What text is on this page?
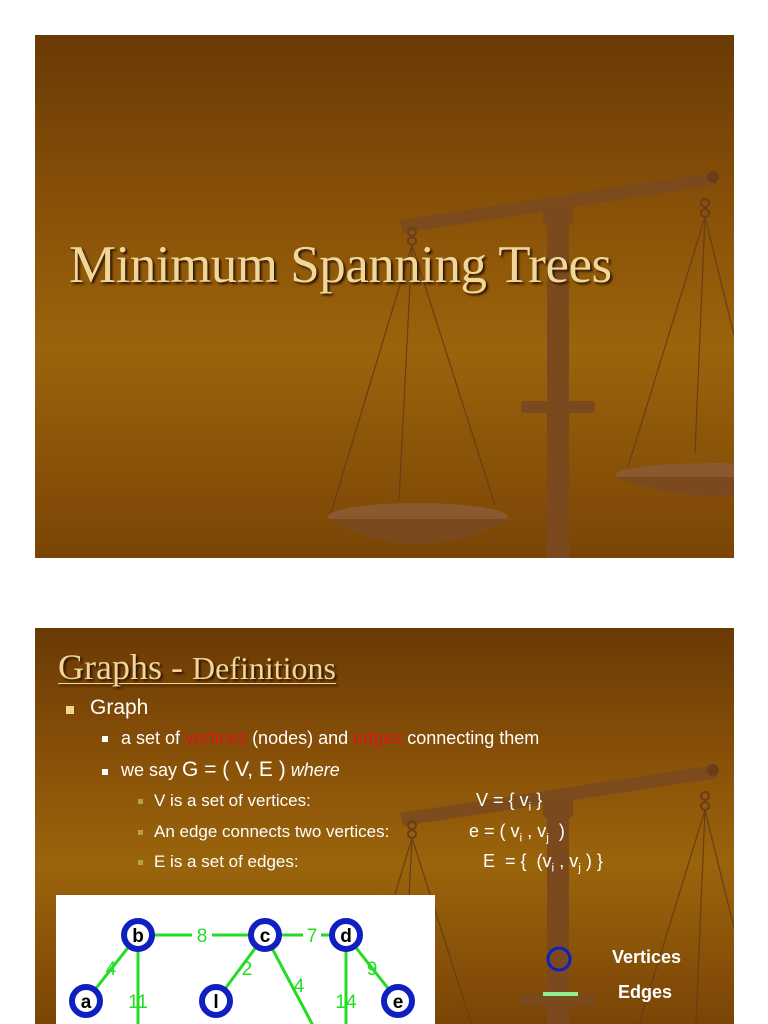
Minimum Spanning Trees
Graphs - Definitions
Graph
a set of vertices (nodes) and edges connecting them
we say G = ( V, E ) where
V is a set of vertices:	V = { $v_i$ }
An edge connects two vertices:	e = ( $v_i$ , $v_j$  )
E is a set of edges:	E  = {  ($v_i$ , $v_j$ ) }
8	7
4
11
2
4
14
9
b	c	d
a	l	e
Vertices
Edges
